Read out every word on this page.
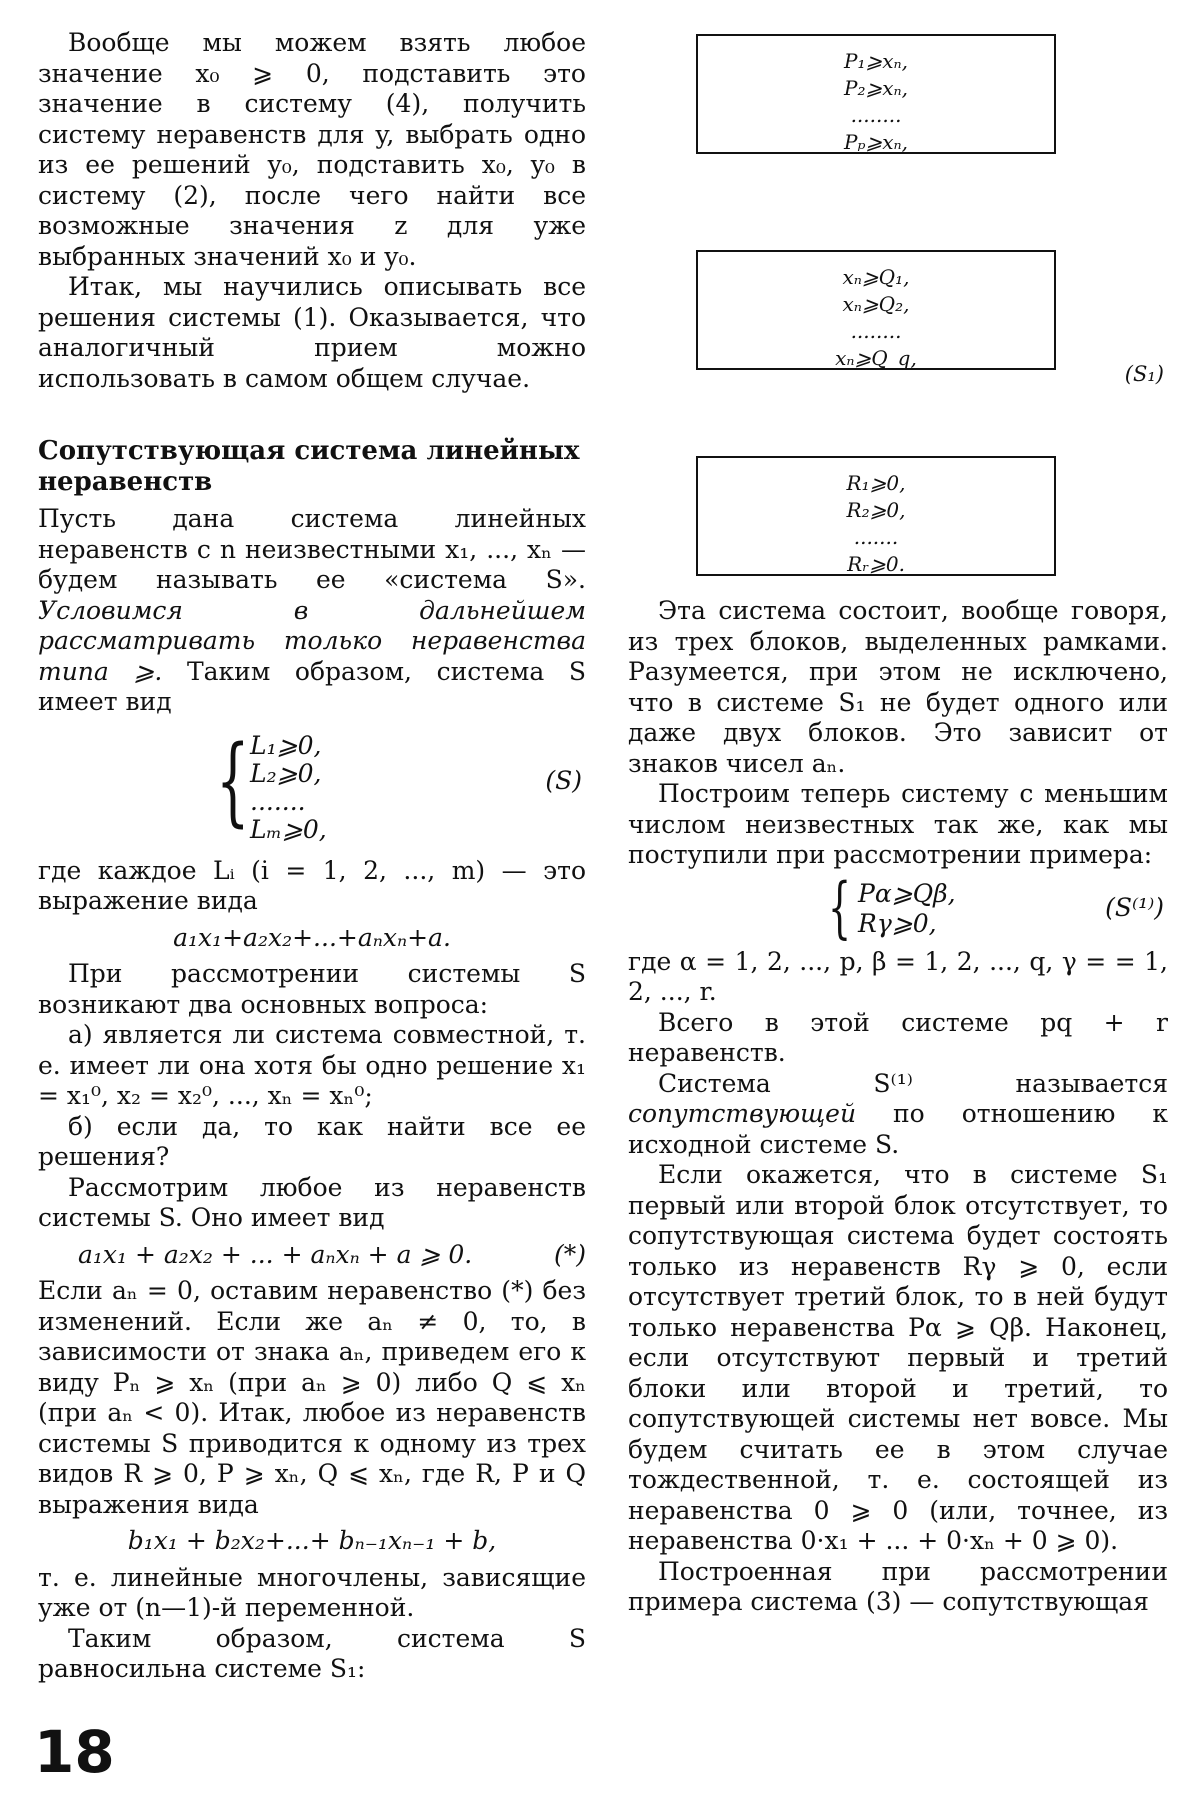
Вообще мы можем взять любое значение x₀ ⩾ 0, подставить это значение в систему (4), получить систему неравенств для y, выбрать одно из ее решений y₀, подставить x₀, y₀ в систему (2), после чего найти все возможные значения z для уже выбранных значений x₀ и y₀.

Итак, мы научились описывать все решения системы (1). Оказывается, что аналогичный прием можно использовать в самом общем случае.

Сопутствующая система линейных неравенств

Пусть дана система линейных неравенств с n неизвестными x₁, ..., xₙ — будем называть ее «система S». Условимся в дальнейшем рассматривать только неравенства типа ⩾. Таким образом, система S имеет вид

{ L₁⩾0,
L₂⩾0,
.......
Lₘ⩾0,
(S)

где каждое Lᵢ (i = 1, 2, ..., m) — это выражение вида

a₁x₁+a₂x₂+...+aₙxₙ+a.

При рассмотрении системы S возникают два основных вопроса:

а) является ли система совместной, т. е. имеет ли она хотя бы одно решение x₁ = x₁⁰, x₂ = x₂⁰, ..., xₙ = xₙ⁰;

б) если да, то как найти все ее решения?

Рассмотрим любое из неравенств системы S. Оно имеет вид

a₁x₁ + a₂x₂ + ... + aₙxₙ + a ⩾ 0.	(*)

Если aₙ = 0, оставим неравенство (*) без изменений. Если же aₙ ≠ 0, то, в зависимости от знака aₙ, приведем его к виду Pₙ ⩾ xₙ (при aₙ ⩾ 0) либо Q ⩽ xₙ (при aₙ < 0). Итак, любое из неравенств системы S приводится к одному из трех видов R ⩾ 0, P ⩾ xₙ, Q ⩽ xₙ, где R, P и Q выражения вида

b₁x₁ + b₂x₂+...+ bₙ₋₁xₙ₋₁ + b,

т. е. линейные многочлены, зависящие уже от (n—1)-й переменной.

Таким образом, система S равносильна системе S₁:

P₁⩾xₙ,
P₂⩾xₙ,
........
Pₚ⩾xₙ,
xₙ⩾Q₁,
xₙ⩾Q₂,
........
xₙ⩾Q_q,
(S₁)
R₁⩾0,
R₂⩾0,
.......
Rᵣ⩾0.

Эта система состоит, вообще говоря, из трех блоков, выделенных рамками. Разумеется, при этом не исключено, что в системе S₁ не будет одного или даже двух блоков. Это зависит от знаков чисел aₙ.

Построим теперь систему с меньшим числом неизвестных так же, как мы поступили при рассмотрении примера:

{ Pα⩾Qβ,
Rγ⩾0,
(S⁽¹⁾)

где α = 1, 2, ..., p, β = 1, 2, ..., q, γ = = 1, 2, ..., r.

Всего в этой системе pq + r неравенств.

Система S⁽¹⁾ называется сопутствующей по отношению к исходной системе S.

Если окажется, что в системе S₁ первый или второй блок отсутствует, то сопутствующая система будет состоять только из неравенств Rγ ⩾ 0, если отсутствует третий блок, то в ней будут только неравенства Pα ⩾ Qβ. Наконец, если отсутствуют первый и третий блоки или второй и третий, то сопутствующей системы нет вовсе. Мы будем считать ее в этом случае тождественной, т. е. состоящей из неравенства 0 ⩾ 0 (или, точнее, из неравенства 0·x₁ + ... + 0·xₙ + 0 ⩾ 0).

Построенная при рассмотрении примера система (3) — сопутствующая

18
